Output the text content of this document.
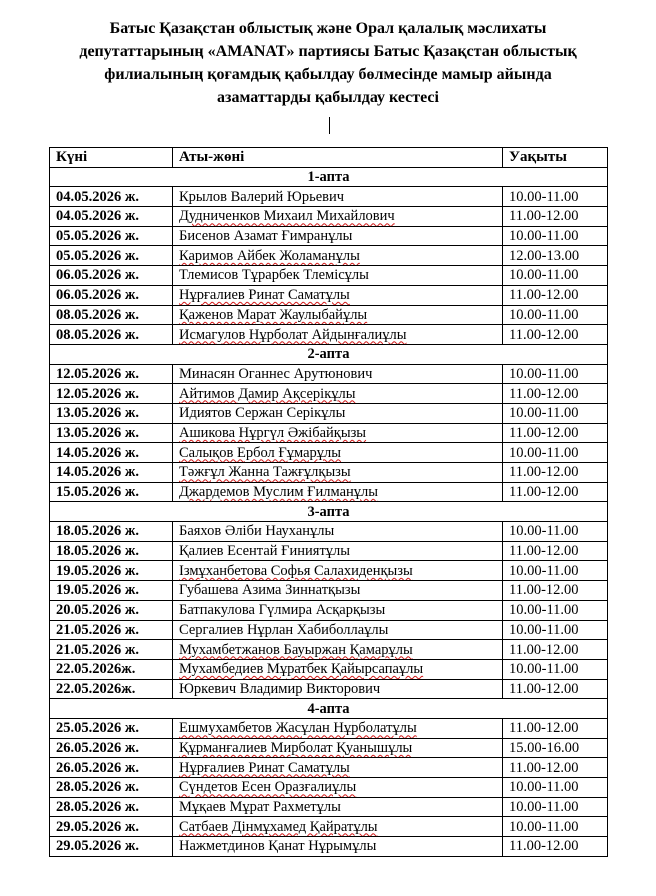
Батыс Қазақстан облыстық және Орал қалалық мәслихаты
депутаттарының «AMANAT» партиясы Батыс Қазақстан облыстық
филиалының қоғамдық қабылдау бөлмесінде мамыр айында
азаматтарды қабылдау кестесі
Күні	Аты-жөні	Уақыты
1-апта		
04.05.2026 ж.	Крылов Валерий Юрьевич	10.00-11.00
04.05.2026 ж.	Дудниченков Михаил Михайлович	11.00-12.00
05.05.2026 ж.	Бисенов Азамат Ғимранұлы	10.00-11.00
05.05.2026 ж.	Каримов Айбек Жоламанұлы	12.00-13.00
06.05.2026 ж.	Тлемисов Тұрарбек Тлемісұлы	10.00-11.00
06.05.2026 ж.	Нұрғалиев Ринат Саматұлы	11.00-12.00
08.05.2026 ж.	Қаженов Марат Жаулыбайұлы	10.00-11.00
08.05.2026 ж.	Исмагулов Нұрболат Айдынғалиұлы	11.00-12.00
2-апта		
12.05.2026 ж.	Минасян Оганнес Арутюнович	10.00-11.00
12.05.2026 ж.	Айтимов Дамир Ақсерікұлы	11.00-12.00
13.05.2026 ж.	Идиятов Сержан Серікұлы	10.00-11.00
13.05.2026 ж.	Ашикова Нұргүл Әжібайқызы	11.00-12.00
14.05.2026 ж.	Салықов Ербол Ғұмарұлы	10.00-11.00
14.05.2026 ж.	Тәжғұл Жанна Тажғұлқызы	11.00-12.00
15.05.2026 ж.	Джардемов Муслим Ғилманұлы	11.00-12.00
3-апта		
18.05.2026 ж.	Баяхов Әліби Науханұлы	10.00-11.00
18.05.2026 ж.	Қалиев Есентай Ғиниятұлы	11.00-12.00
19.05.2026 ж.	Ізмұханбетова Софья Салахиденқызы	10.00-11.00
19.05.2026 ж.	Губашева Азима Зиннатқызы	11.00-12.00
20.05.2026 ж.	Батпакулова Гүлмира Асқарқызы	10.00-11.00
21.05.2026 ж.	Сергалиев Нұрлан Хабиболлаұлы	10.00-11.00
21.05.2026 ж.	Мухамбетжанов Бауыржан Қамарұлы	11.00-12.00
22.05.2026ж.	Мухамбедиев Мұратбек Қайырсапаұлы	10.00-11.00
22.05.2026ж.	Юркевич Владимир Викторович	11.00-12.00
4-апта		
25.05.2026 ж.	Ешмухамбетов Жасұлан Нұрболатұлы	11.00-12.00
26.05.2026 ж.	Құрманғалиев Мирболат Қуанышұлы	15.00-16.00
26.05.2026 ж.	Нұрғалиев Ринат Саматұлы	11.00-12.00
28.05.2026 ж.	Сүндетов Есен Оразғалиұлы	10.00-11.00
28.05.2026 ж.	Мұқаев Мұрат Рахметұлы	10.00-11.00
29.05.2026 ж.	Сатбаев Дінмұхамед Қайратұлы	10.00-11.00
29.05.2026 ж.	Нажметдинов Қанат Нұрымұлы	11.00-12.00
